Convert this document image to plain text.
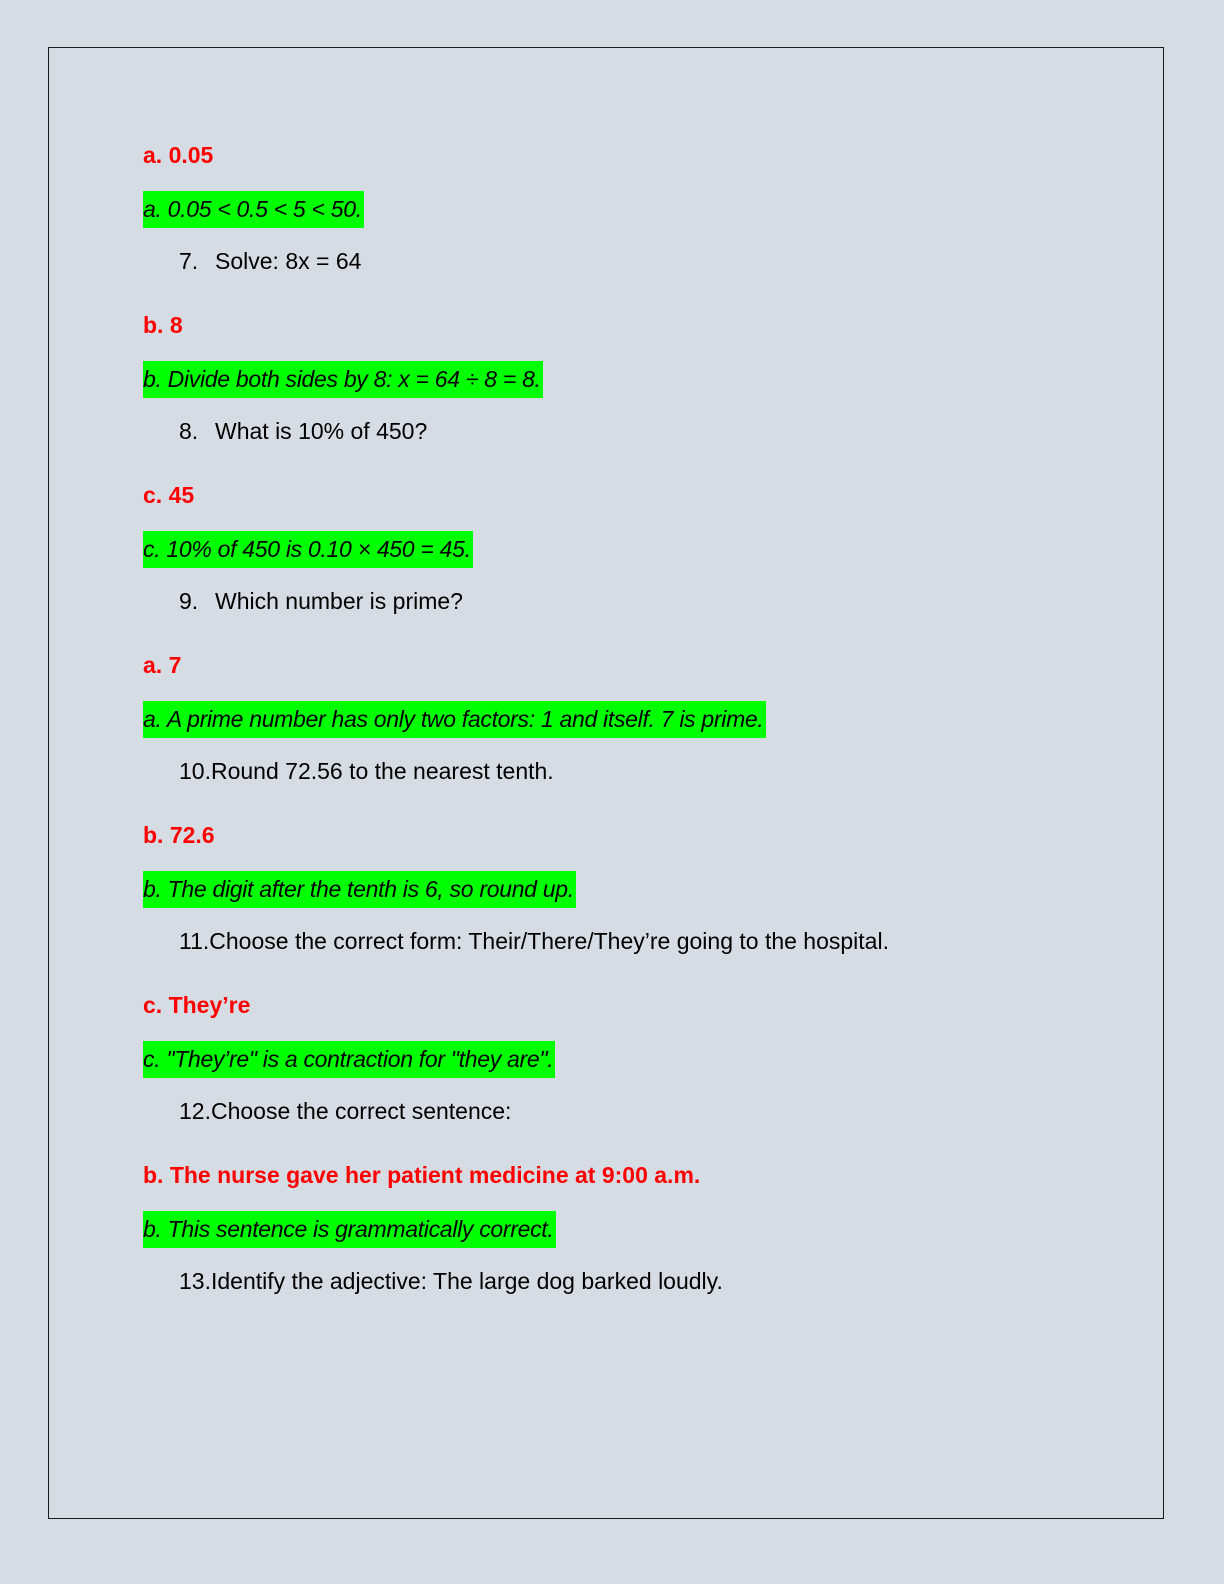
a. 0.05

a. 0.05 < 0.5 < 5 < 50.

7. Solve: 8x = 64

b. 8

b. Divide both sides by 8: x = 64 ÷ 8 = 8.

8. What is 10% of 450?

c. 45

c. 10% of 450 is 0.10 × 450 = 45.

9. Which number is prime?

a. 7

a. A prime number has only two factors: 1 and itself. 7 is prime.

10.Round 72.56 to the nearest tenth.

b. 72.6

b. The digit after the tenth is 6, so round up.

11.Choose the correct form: Their/There/They’re going to the hospital.

c. They’re

c. "They’re" is a contraction for "they are".

12.Choose the correct sentence:

b. The nurse gave her patient medicine at 9:00 a.m.

b. This sentence is grammatically correct.

13.Identify the adjective: The large dog barked loudly.
